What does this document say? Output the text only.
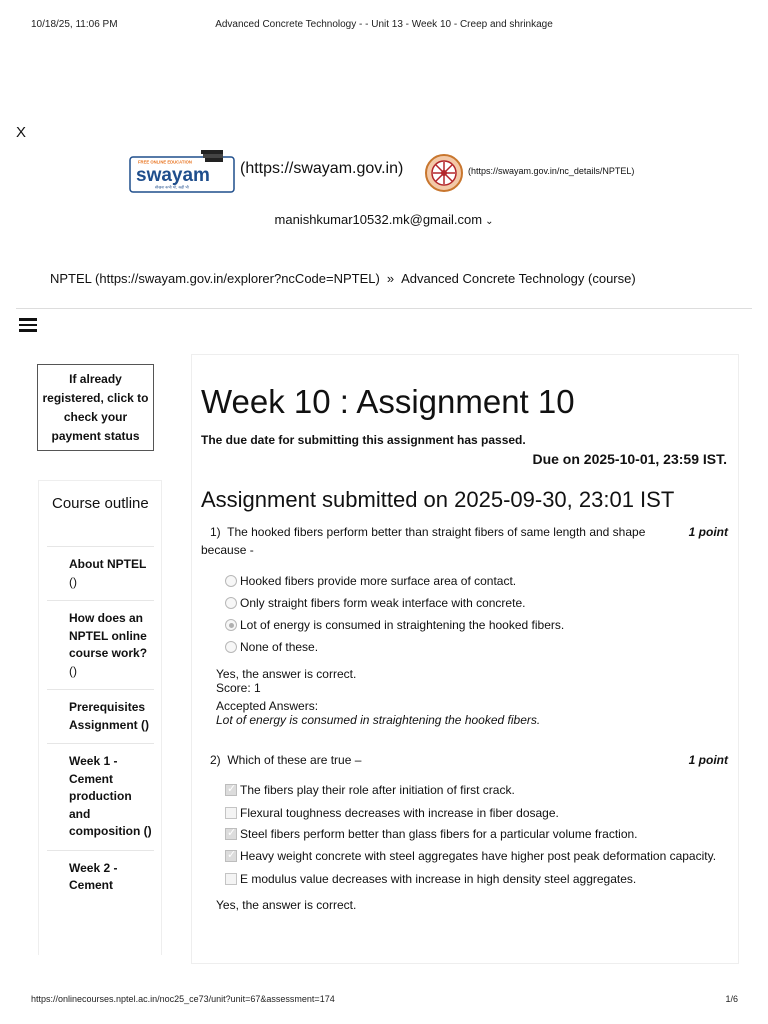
10/18/25, 11:06 PM	Advanced Concrete Technology - - Unit 13 - Week 10 - Creep and shrinkage
X
FREE ONLINE EDUCATION
swayam
सीखना कभी भी, कहीं भी
(https://swayam.gov.in)	(https://swayam.gov.in/nc_details/NPTEL)
manishkumar10532.mk@gmail.com ⌄
NPTEL (https://swayam.gov.in/explorer?ncCode=NPTEL) » Advanced Concrete Technology (course)
If already registered, click to check your payment status
Course outline
About NPTEL
()
How does an NPTEL online course work?
()
Prerequisites Assignment ()
Week 1 - Cement production and composition ()
Week 2 - Cement
Week 10 : Assignment 10
The due date for submitting this assignment has passed.
Due on 2025-10-01, 23:59 IST.
Assignment submitted on 2025-09-30, 23:01 IST
1) The hooked fibers perform better than straight fibers of same length and shape
because -
1 point
Hooked fibers provide more surface area of contact.
Only straight fibers form weak interface with concrete.
Lot of energy is consumed in straightening the hooked fibers.
None of these.
Yes, the answer is correct.
Score: 1
Accepted Answers:
Lot of energy is consumed in straightening the hooked fibers.
2) Which of these are true –	1 point
✓The fibers play their role after initiation of first crack.
Flexural toughness decreases with increase in fiber dosage.
✓Steel fibers perform better than glass fibers for a particular volume fraction.
✓Heavy weight concrete with steel aggregates have higher post peak deformation capacity.
E modulus value decreases with increase in high density steel aggregates.
Yes, the answer is correct.
https://onlinecourses.nptel.ac.in/noc25_ce73/unit?unit=67&assessment=174	1/6
